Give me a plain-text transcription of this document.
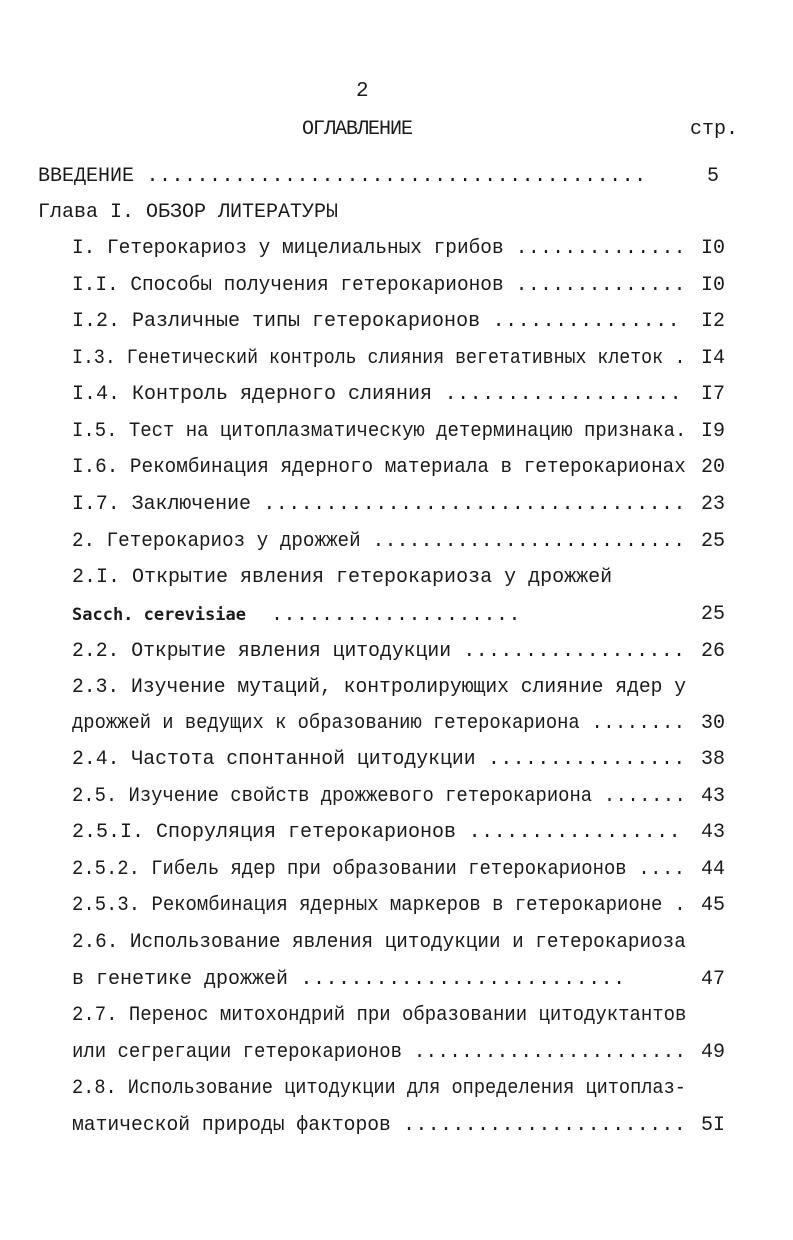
2
ОГЛАВЛЕНИЕ	стр.
ВВЕДЕНИЕ ........................................	5
Глава I. ОБЗОР ЛИТЕРАТУРЫ
I. Гетерокариоз у мицелиальных грибов .............. I0
I.I. Способы получения гетерокарионов .............. I0
I.2. Различные типы гетерокарионов ...............	I2
I.3. Генетический контроль слияния вегетативных клеток . I4
I.4. Контроль ядерного слияния ................... I7
I.5. Тест на цитоплазматическую детерминацию признака. I9
I.6. Рекомбинация ядерного материала в гетерокарионах 20
I.7. Заключение .................................. 23
2. Гетерокариоз у дрожжей .......................... 25
2.I. Открытие явления гетерокариоза у дрожжей
Sacch. cerevisiae  ....................	25
2.2. Открытие явления цитодукции .................. 26
2.3. Изучение мутаций, контролирующих слияние ядер у
дрожжей и ведущих к образованию гетерокариона ........ 30
2.4. Частота спонтанной цитодукции ................ 38
2.5. Изучение свойств дрожжевого гетерокариона ....... 43
2.5.I. Споруляция гетерокарионов ................. 43
2.5.2. Гибель ядер при образовании гетерокарионов .... 44
2.5.3. Рекомбинация ядерных маркеров в гетерокарионе . 45
2.6. Использование явления цитодукции и гетерокариоза
в генетике дрожжей ..........................	47
2.7. Перенос митохондрий при образовании цитодуктантов
или сегрегации гетерокарионов ....................... 49
2.8. Использование цитодукции для определения цитоплаз-
матической природы факторов ....................... 5I
